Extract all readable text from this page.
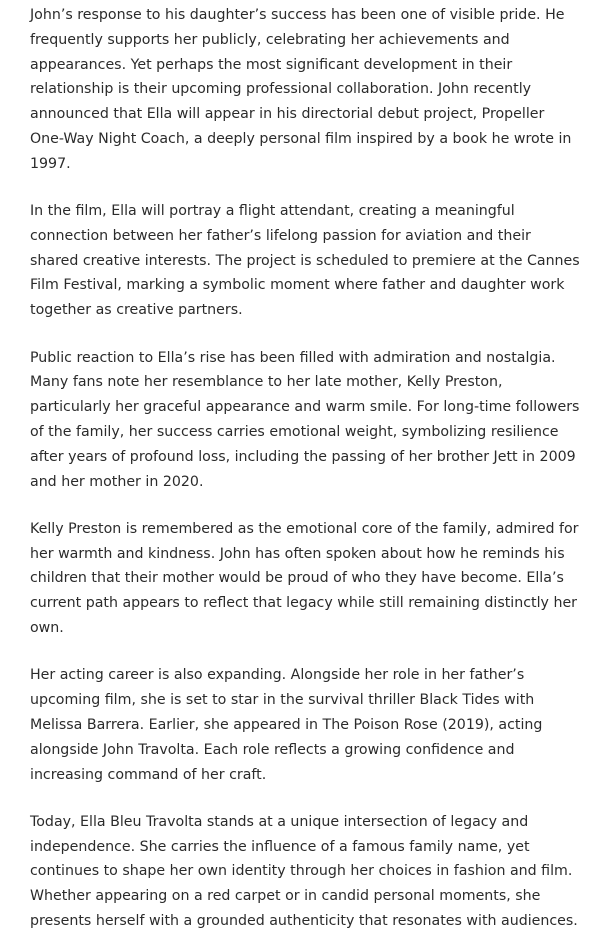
John’s response to his daughter’s success has been one of visible pride. He frequently supports her publicly, celebrating her achievements and appearances. Yet perhaps the most significant development in their relationship is their upcoming professional collaboration. John recently announced that Ella will appear in his directorial debut project, Propeller One-Way Night Coach, a deeply personal film inspired by a book he wrote in 1997.

In the film, Ella will portray a flight attendant, creating a meaningful connection between her father’s lifelong passion for aviation and their shared creative interests. The project is scheduled to premiere at the Cannes Film Festival, marking a symbolic moment where father and daughter work together as creative partners.

Public reaction to Ella’s rise has been filled with admiration and nostalgia. Many fans note her resemblance to her late mother, Kelly Preston, particularly her graceful appearance and warm smile. For long-time followers of the family, her success carries emotional weight, symbolizing resilience after years of profound loss, including the passing of her brother Jett in 2009 and her mother in 2020.

Kelly Preston is remembered as the emotional core of the family, admired for her warmth and kindness. John has often spoken about how he reminds his children that their mother would be proud of who they have become. Ella’s current path appears to reflect that legacy while still remaining distinctly her own.

Her acting career is also expanding. Alongside her role in her father’s upcoming film, she is set to star in the survival thriller Black Tides with Melissa Barrera. Earlier, she appeared in The Poison Rose (2019), acting alongside John Travolta. Each role reflects a growing confidence and increasing command of her craft.

Today, Ella Bleu Travolta stands at a unique intersection of legacy and independence. She carries the influence of a famous family name, yet continues to shape her own identity through her choices in fashion and film. Whether appearing on a red carpet or in candid personal moments, she presents herself with a grounded authenticity that resonates with audiences.
